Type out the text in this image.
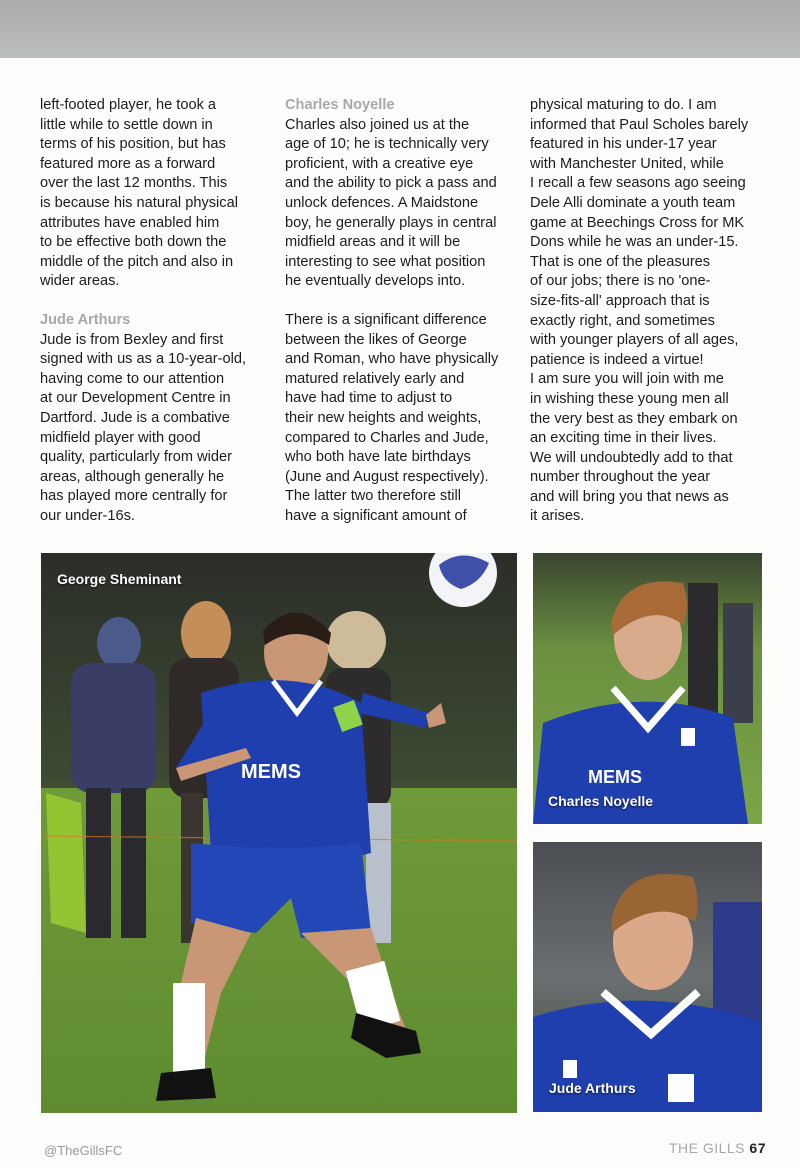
left-footed player, he took a
little while to settle down in
terms of his position, but has
featured more as a forward
over the last 12 months. This
is because his natural physical
attributes have enabled him
to be effective both down the
middle of the pitch and also in
wider areas.
Jude Arthurs
Jude is from Bexley and first
signed with us as a 10-year-old,
having come to our attention
at our Development Centre in
Dartford. Jude is a combative
midfield player with good
quality, particularly from wider
areas, although generally he
has played more centrally for
our under-16s.
Charles Noyelle
Charles also joined us at the
age of 10; he is technically very
proficient, with a creative eye
and the ability to pick a pass and
unlock defences. A Maidstone
boy, he generally plays in central
midfield areas and it will be
interesting to see what position
he eventually develops into.
There is a significant difference
between the likes of George
and Roman, who have physically
matured relatively early and
have had time to adjust to
their new heights and weights,
compared to Charles and Jude,
who both have late birthdays
(June and August respectively).
The latter two therefore still
have a significant amount of
physical maturing to do. I am
informed that Paul Scholes barely
featured in his under-17 year
with Manchester United, while
I recall a few seasons ago seeing
Dele Alli dominate a youth team
game at Beechings Cross for MK
Dons while he was an under-15.
That is one of the pleasures
of our jobs; there is no 'one-
size-fits-all' approach that is
exactly right, and sometimes
with younger players of all ages,
patience is indeed a virtue!
I am sure you will join with me
in wishing these young men all
the very best as they embark on
an exciting time in their lives.
We will undoubtedly add to that
number throughout the year
and will bring you that news as
it arises.
MEMS
George Sheminant
MEMS
Charles Noyelle
Jude Arthurs
@TheGillsFC	THE GILLS 67
